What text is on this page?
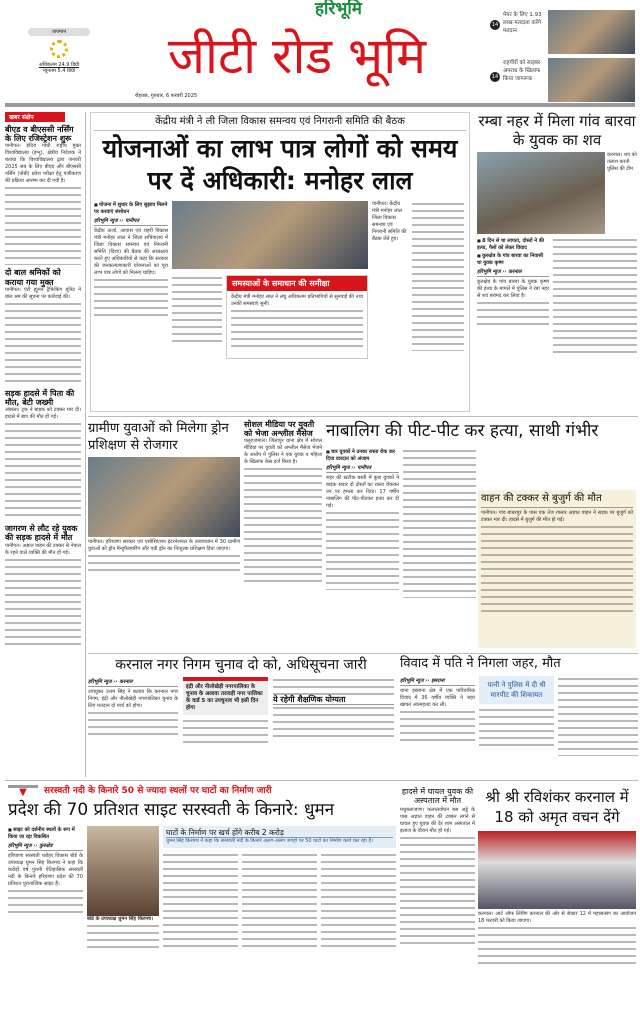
तापमान
अधिकतम 24.9 डिग्री
न्यूनतम 5.4 डिग्री
हरिभूमि
जीटी रोड भूमि
रोहतक, गुरुवार, 6 फरवरी 2025
14
मेयर के लिए 1.93 लाख मतदाता करेंगे मतदान
14
राहगीरों को साइबर अपराध के खिलाफ किया जागरूक
खबर संक्षेप
बीएड व बीएससी नर्सिंग के लिए रजिस्ट्रेशन शुरू
पानीपत। इंदिरा गांधी राष्ट्रीय मुक्त विश्वविद्यालय (इग्नू), क्षेत्रीय निदेशक ने बताया कि विश्वविद्यालय द्वारा जनवरी 2025 सत्र के लिए बीएड और बीएससी नर्सिंग (पोबी) प्रवेश परीक्षा हेतु पंजीकरण की प्रक्रिया आरम्भ कर दी गयी है।
दो बाल श्रमिकों को कराया गया मुक्त
पानीपत। एंटी ह्यूमन ट्रैफिकिंग यूनिट ने बाल श्रम की सूचना पर कार्रवाई की।
सड़क हादसे में पिता की मौत, बेटी जख्मी
अंबाला। ट्रक ने बाइक को टक्कर मार दी। हादसे में बाप की मौत हो गई।
जागरण से लौट रहे युवक की सड़क हादसे में मौत
पानीपत। अज्ञात वाहन की टक्कर से नेपाल के रहने वाले व्यक्ति की मौत हो गई।
केंद्रीय मंत्री ने ली जिला विकास समन्वय एवं निगरानी समिति की बैठक
योजनाओं का लाभ पात्र लोगों को समय पर दें अधिकारी: मनोहर लाल
■ योजना में सुधार के लिए सुझाव मिलने पर करवाएं संशोधन
हरिभूमि न्यूज ›› पानीपत
केंद्रीय ऊर्जा, आवास एवं शहरी विकास मंत्री मनोहर लाल ने जिला सचिवालय में जिला विकास समन्वय एवं निगरानी समिति (दिशा) की बैठक की अध्यक्षता करते हुए अधिकारियों से कहा कि सरकार की जनकल्याणकारी योजनाओं का पूरा लाभ पात्र लोगों को मिलना चाहिए।
पानीपत। केंद्रीय मंत्री मनोहर लाल जिला विकास समन्वय एवं निगरानी समिति की बैठक लेते हुए।
समस्याओं के समाधान की समीक्षा
केंद्रीय मंत्री मनोहर लाल ने लघु अधिकतम प्रतिभागियों से सुनवाई की तथा उनकी समस्याएं सुनीं।
रम्बा नहर में मिला गांव बारवा के युवक का शव
करनाल। शव को तलाश करती पुलिस की टीम
■ 8 दिन से था लापता, दोस्तों ने की हत्या, पैसों को लेकर विवाद
■ कुरुक्षेत्र के गांव बारवा का निवासी था युवक कृष्ण
हरिभूमि न्यूज ›› करनाल
कुरुक्षेत्र के गांव बारवा के युवक कृष्ण की हत्या के मामले में पुलिस ने रंबा नहर से शव बरामद कर लिया है।
ग्रामीण युवाओं को मिलेगा ड्रोन प्रशिक्षण से रोजगार
पानीपत। हरियाणा सरकार एवं एसोसिएशन इंटरनेशनल के तत्वावधान में 30 ग्रामीण युवाओं को ड्रोन मैन्युफैक्चरिंग और एग्री ड्रोन का निःशुल्क प्रशिक्षण दिया जाएगा।
सोशल मीडिया पर युवती को भेजा अश्लील मैसेज
पलूराजमाल। जिलापुर थाना क्षेत्र में सोशल मीडिया पर युवती को अश्लील मैसेज भेजने के आरोप में पुलिस ने एक युवक व महिला के खिलाफ केस दर्ज किया है।
नाबालिग की पीट-पीट कर हत्या, साथी गंभीर
■ चार युवकों ने उनका रास्ता रोक कर दिया वारदात को अंजाम
हरिभूमि न्यूज ›› पानीपत
शहर की खटीक बस्ती में कुछ युवकों ने बाइक सवार दो दोस्तों का रास्ता रोककर उन पर हमला कर दिया। 17 वर्षीय नाबालिग की पीट-पीटकर हत्या कर दी गई।
वाहन की टक्कर से बुजुर्ग की मौत
पानीपत। गांव बाबरपुर के पास एक तेज रफ्तार अज्ञात वाहन ने सड़क पर बुजुर्ग को टक्कर मार दी। हादसे में बुजुर्ग की मौत हो गई।
करनाल नगर निगम चुनाव दो को, अधिसूचना जारी
हरिभूमि न्यूज ›› करनाल
उपायुक्त उत्तम सिंह ने बताया कि करनाल नगर निगम, इंद्री और नीलोखेड़ी नगरपालिका चुनाव के लिए मतदान दो मार्च को होगा।
इंद्री और नीलोखेड़ी नगरपालिका के चुनाव के अलावा तरावड़ी नगर पालिका के वार्ड 5 का उपचुनाव भी इसी दिन होगा
ये रहेगी शैक्षणिक योग्यता
विवाद में पति ने निगला जहर, मौत
हरिभूमि न्यूज ›› इसराना
थाना इसराना क्षेत्र में एक पारिवारिक विवाद में 36 वर्षीय व्यक्ति ने जहर खाकर आत्महत्या कर ली।
पत्नी ने पुलिस में दी थी मारपीट की शिकायत
▼	सरस्वती नदी के किनारे 50 से ज्यादा स्थलों पर घाटों का निर्माण जारी
प्रदेश की 70 प्रतिशत साइट सरस्वती के किनारे: धुमन
■ साइट को दर्शनीय स्थलों के रूप में किया जा रहा विकसित
हरिभूमि न्यूज ›› कुरुक्षेत्र
हरियाणा सरस्वती धरोहर विकास बोर्ड के उपाध्यक्ष धुमन सिंह किरमच ने कहा कि करोड़ों वर्ष पुरानी ऐतिहासिक सरस्वती नदी के किनारे हरियाणा प्रदेश की 70 प्रतिशत पुरातात्विक साइट हैं।
बोर्ड के उपाध्यक्ष धुमन सिंह किरमच।
घाटों के निर्माण पर खर्च होंगे करीब 2 करोड़
धुमन सिंह किरमच ने कहा कि सरस्वती नदी के किनारे अलग-अलग जगहों पर 50 घाटों का निर्माण कार्य चल रहा है।
हादसे में घायल युवक की अस्पताल में मौत
मधुबलाजाण। कलालवोघन बस अड्डे के पास अज्ञात वाहन की टक्कर लगने से घायल हुए युवक की देर शाम अस्पताल में इलाज के दौरान मौत हो गई।
श्री श्री रविशंकर करनाल में 18 को अमृत वचन देंगे
करनाल। आर्ट ऑफ लिविंग करनाल की ओर से सेक्टर 12 में महासत्संग का आयोजन 18 फरवरी को किया जाएगा।
